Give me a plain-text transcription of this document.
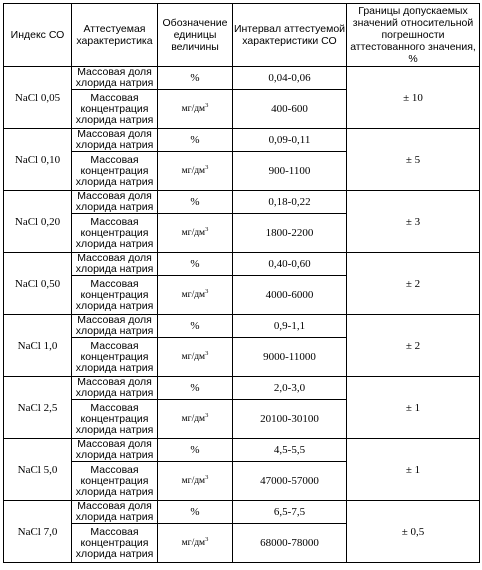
Индекс СО	Аттестуемая характеристика	Обозначение единицы величины	Интервал аттестуемой характеристики СО	Границы допускаемых значений относительной погрешности аттестованного значения, %
NaCl 0,05	Массовая доля хлорида натрия	%	0,04-0,06	± 10
	Массовая концентрация хлорида натрия	$мг/дм^3$	400-600	
NaCl 0,10	Массовая доля хлорида натрия	%	0,09-0,11	± 5
	Массовая концентрация хлорида натрия	$мг/дм^3$	900-1100	
NaCl 0,20	Массовая доля хлорида натрия	%	0,18-0,22	± 3
	Массовая концентрация хлорида натрия	$мг/дм^3$	1800-2200	
NaCl 0,50	Массовая доля хлорида натрия	%	0,40-0,60	± 2
	Массовая концентрация хлорида натрия	$мг/дм^3$	4000-6000	
NaCl 1,0	Массовая доля хлорида натрия	%	0,9-1,1	± 2
	Массовая концентрация хлорида натрия	$мг/дм^3$	9000-11000	
NaCl 2,5	Массовая доля хлорида натрия	%	2,0-3,0	± 1
	Массовая концентрация хлорида натрия	$мг/дм^3$	20100-30100	
NaCl 5,0	Массовая доля хлорида натрия	%	4,5-5,5	± 1
	Массовая концентрация хлорида натрия	$мг/дм^3$	47000-57000	
NaCl 7,0	Массовая доля хлорида натрия	%	6,5-7,5	± 0,5
	Массовая концентрация хлорида натрия	$мг/дм^3$	68000-78000	
